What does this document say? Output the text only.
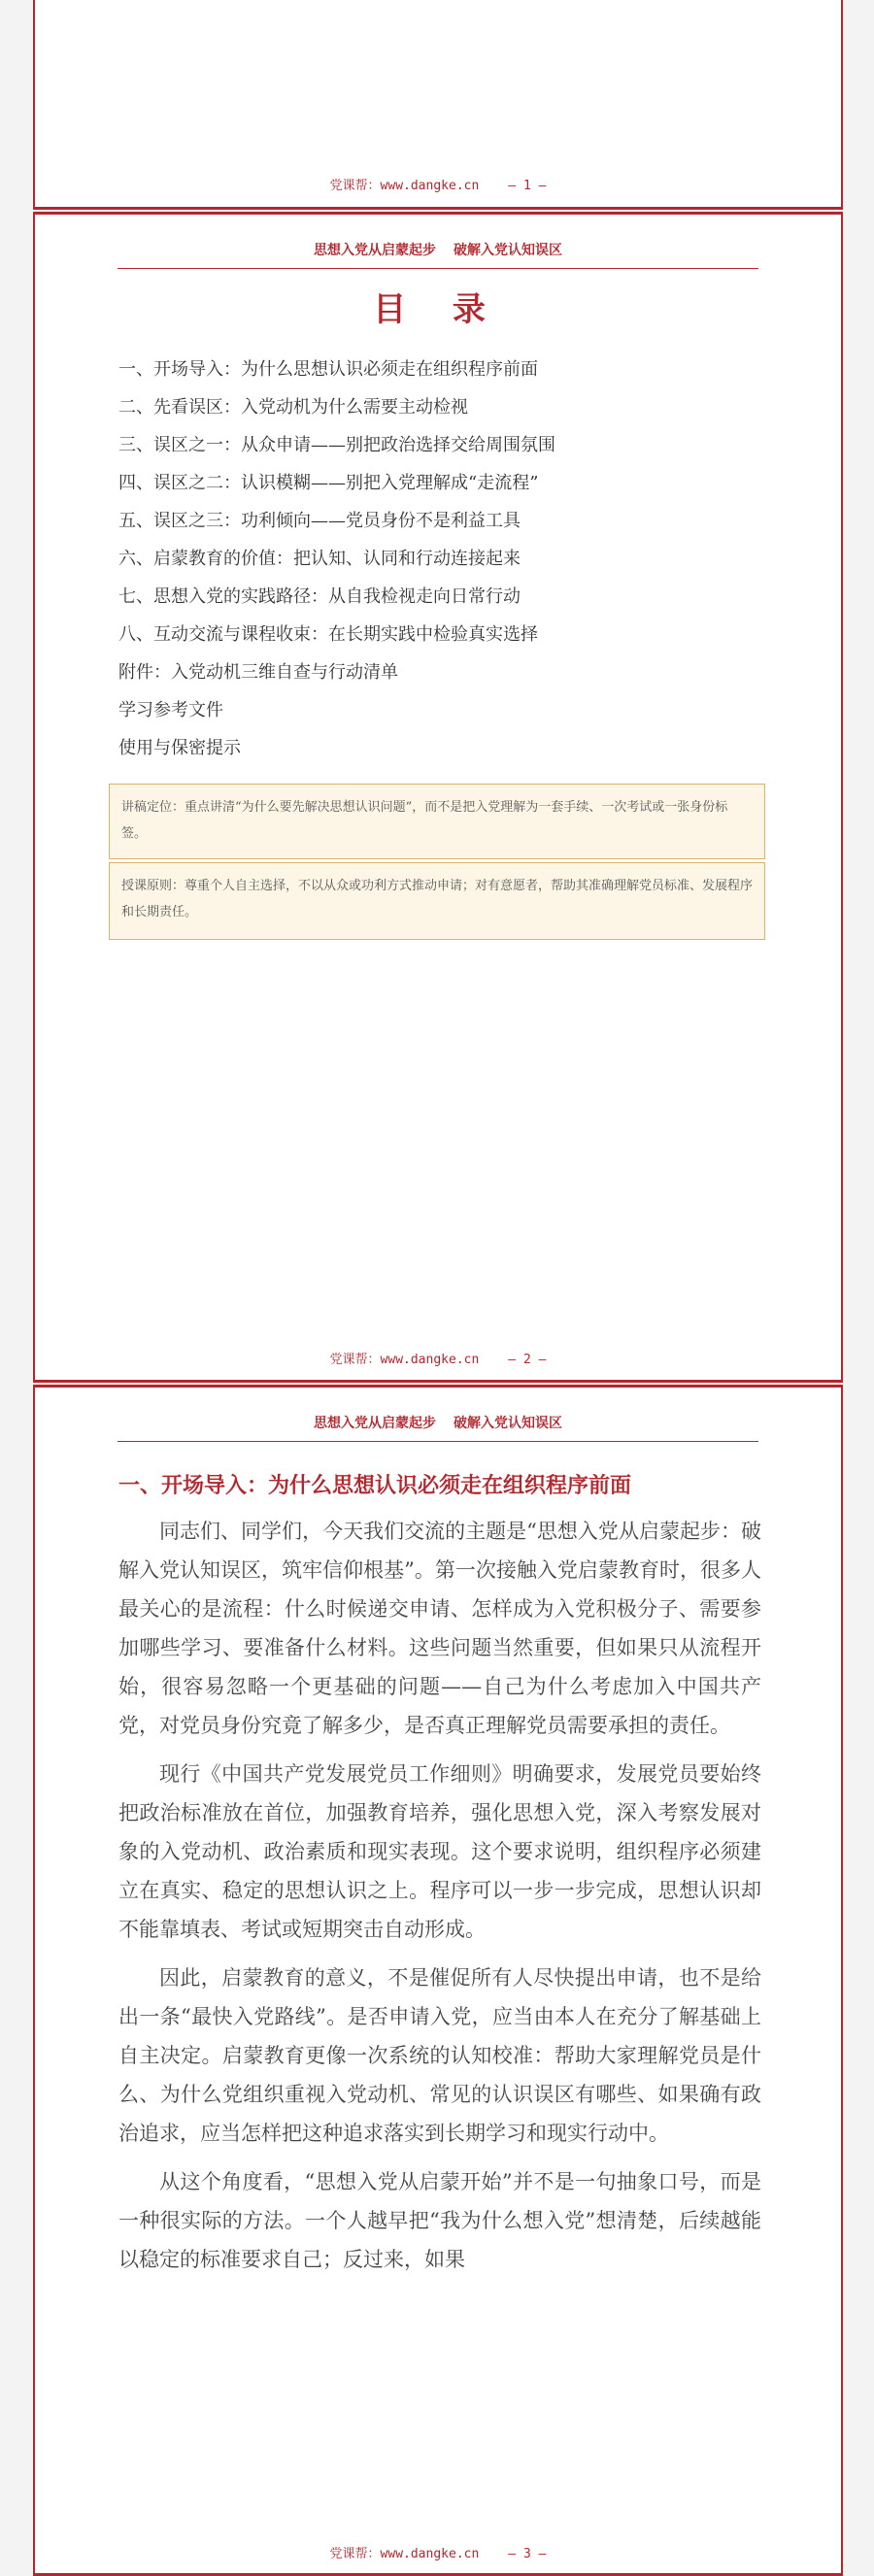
党课帮：www.dangke.cn — 1 —
思想入党从启蒙起步 破解入党认知误区
目 录
一、开场导入：为什么思想认识必须走在组织程序前面
二、先看误区：入党动机为什么需要主动检视
三、误区之一：从众申请——别把政治选择交给周围氛围
四、误区之二：认识模糊——别把入党理解成“走流程”
五、误区之三：功利倾向——党员身份不是利益工具
六、启蒙教育的价值：把认知、认同和行动连接起来
七、思想入党的实践路径：从自我检视走向日常行动
八、互动交流与课程收束：在长期实践中检验真实选择
附件：入党动机三维自查与行动清单
学习参考文件
使用与保密提示
讲稿定位：重点讲清“为什么要先解决思想认识问题”，而不是把入党理解为一套手续、一次考试或一张身份标签。
授课原则：尊重个人自主选择，不以从众或功利方式推动申请；对有意愿者，帮助其准确理解党员标准、发展程序和长期责任。
党课帮：www.dangke.cn — 2 —
思想入党从启蒙起步 破解入党认知误区
一、开场导入：为什么思想认识必须走在组织程序前面

同志们、同学们，今天我们交流的主题是“思想入党从启蒙起步：破解入党认知误区，筑牢信仰根基”。第一次接触入党启蒙教育时，很多人最关心的是流程：什么时候递交申请、怎样成为入党积极分子、需要参加哪些学习、要准备什么材料。这些问题当然重要，但如果只从流程开始，很容易忽略一个更基础的问题——自己为什么考虑加入中国共产党，对党员身份究竟了解多少，是否真正理解党员需要承担的责任。

现行《中国共产党发展党员工作细则》明确要求，发展党员要始终把政治标准放在首位，加强教育培养，强化思想入党，深入考察发展对象的入党动机、政治素质和现实表现。这个要求说明，组织程序必须建立在真实、稳定的思想认识之上。程序可以一步一步完成，思想认识却不能靠填表、考试或短期突击自动形成。

因此，启蒙教育的意义，不是催促所有人尽快提出申请，也不是给出一条“最快入党路线”。是否申请入党，应当由本人在充分了解基础上自主决定。启蒙教育更像一次系统的认知校准：帮助大家理解党员是什么、为什么党组织重视入党动机、常见的认识误区有哪些、如果确有政治追求，应当怎样把这种追求落实到长期学习和现实行动中。

从这个角度看，“思想入党从启蒙开始”并不是一句抽象口号，而是一种很实际的方法。一个人越早把“我为什么想入党”想清楚，后续越能以稳定的标准要求自己；反过来，如果

党课帮：www.dangke.cn — 3 —
